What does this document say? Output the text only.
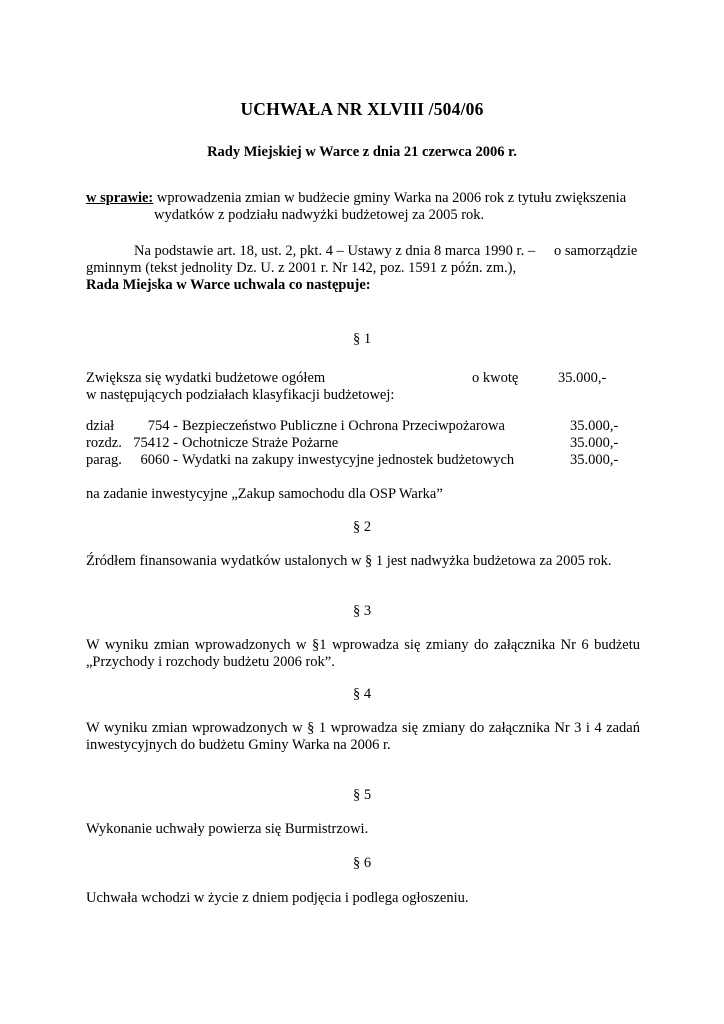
UCHWAŁA NR XLVIII /504/06
Rady Miejskiej w Warce z dnia 21 czerwca 2006 r.
w sprawie: wprowadzenia zmian w budżecie gminy Warka na 2006 rok z tytułu zwiększenia
wydatków z podziału nadwyżki budżetowej za 2005 rok.
Na podstawie art. 18, ust. 2, pkt. 4 – Ustawy z dnia 8 marca 1990 r. – o samorządzie
gminnym (tekst jednolity Dz. U. z 2001 r. Nr 142, poz. 1591 z późn. zm.),
Rada Miejska w Warce uchwala co następuje:
§ 1
Zwiększa się wydatki budżetowe ogółem	o kwotę	35.000,-
w następujących podziałach klasyfikacji budżetowej:
dział	754 - Bezpieczeństwo Publiczne i Ochrona Przeciwpożarowa	35.000,-
rozdz. 75412 - Ochotnicze Straże Pożarne	35.000,-
parag.	6060 - Wydatki na zakupy inwestycyjne jednostek budżetowych	35.000,-
na zadanie inwestycyjne „Zakup samochodu dla OSP Warka”
§ 2
Źródłem finansowania wydatków ustalonych w § 1 jest nadwyżka budżetowa za 2005 rok.
§ 3
W wyniku zmian wprowadzonych w §1 wprowadza się zmiany do załącznika Nr 6 budżetu
„Przychody i rozchody budżetu 2006 rok”.
§ 4
W wyniku zmian wprowadzonych w § 1 wprowadza się zmiany do załącznika Nr 3 i 4 zadań
inwestycyjnych do budżetu Gminy Warka na 2006 r.
§ 5
Wykonanie uchwały powierza się Burmistrzowi.
§ 6
Uchwała wchodzi w życie z dniem podjęcia i podlega ogłoszeniu.
